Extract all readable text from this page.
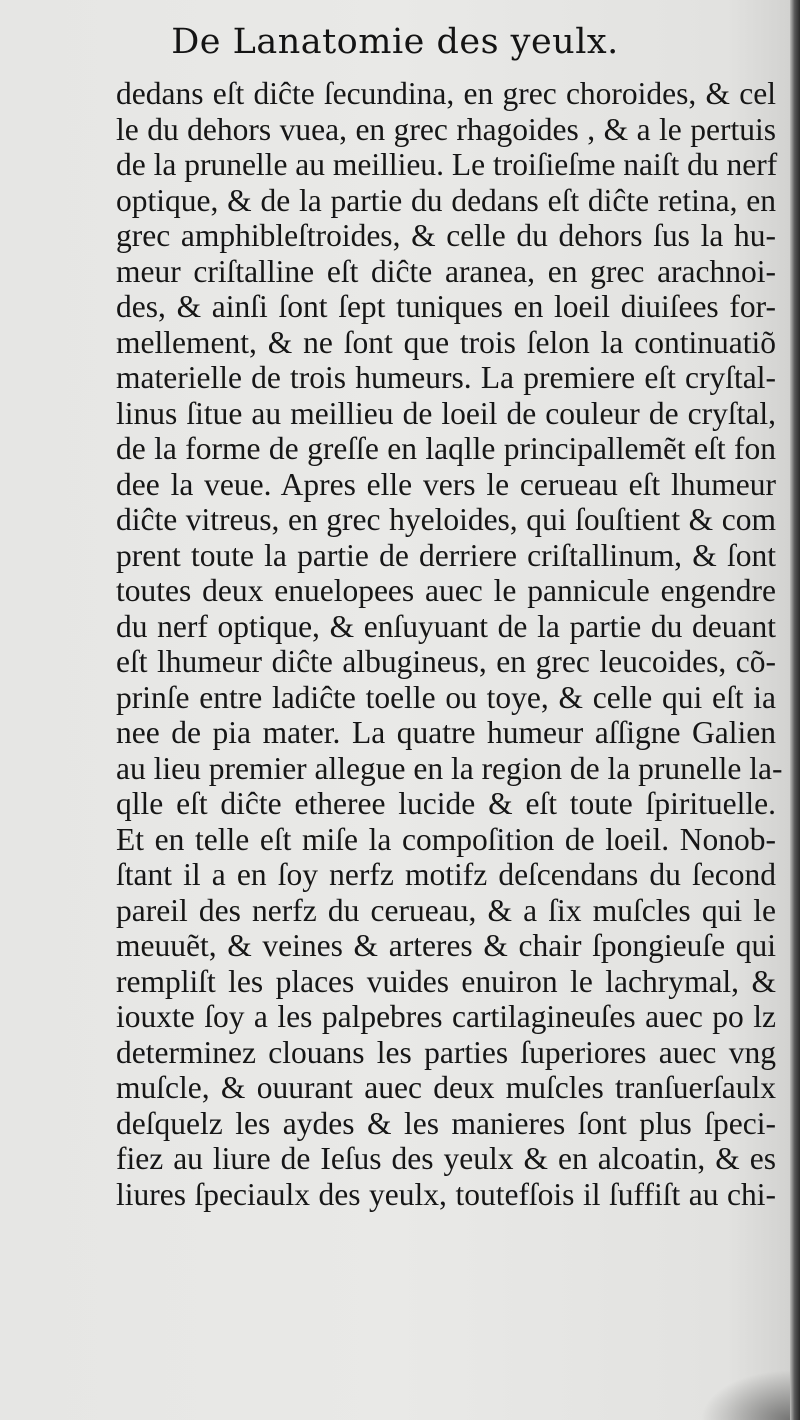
De Lanatomie des yeulx.
dedans eſt diĉte ſecundina, en grec choroides, & cel
le du dehors vuea, en grec rhagoides , & a le pertuis
de la prunelle au meillieu. Le troiſieſme naiſt du nerf
optique, & de la partie du dedans eſt diĉte retina, en
grec amphibleſtroides, & celle du dehors ſus la hu-
meur criſtalline eſt diĉte aranea, en grec arachnoi-
des, & ainſi ſont ſept tuniques en loeil diuiſees for-
mellement, & ne ſont que trois ſelon la continuatiõ
materielle de trois humeurs. La premiere eſt cryſtal-
linus ſitue au meillieu de loeil de couleur de cryſtal,
de la forme de greſſe en laqlle principallemẽt eſt fon
dee la veue. Apres elle vers le cerueau eſt lhumeur
diĉte vitreus, en grec hyeloides, qui ſouſtient & com
prent toute la partie de derriere criſtallinum, & ſont
toutes deux enuelopees auec le pannicule engendre
du nerf optique, & enſuyuant de la partie du deuant
eſt lhumeur diĉte albugineus, en grec leucoides, cõ-
prinſe entre ladiĉte toelle ou toye, & celle qui eſt ia
nee de pia mater. La quatre humeur aſſigne Galien
au lieu premier allegue en la region de la prunelle la-
qlle eſt diĉte etheree lucide & eſt toute ſpirituelle.
Et en telle eſt miſe la compoſition de loeil. Nonob-
ſtant il a en ſoy nerfz motifz deſcendans du ſecond
pareil des nerfz du cerueau, & a ſix muſcles qui le
meuuẽt, & veines & arteres & chair ſpongieuſe qui
rempliſt les places vuides enuiron le lachrymal, &
iouxte ſoy a les palpebres cartilagineuſes auec po lz
determinez clouans les parties ſuperiores auec vng
muſcle, & ouurant auec deux muſcles tranſuerſaulx
deſquelz les aydes & les manieres ſont plus ſpeci-
fiez au liure de Ieſus des yeulx & en alcoatin, & es
liures ſpeciaulx des yeulx, toutefſois il ſuffiſt au chi-
